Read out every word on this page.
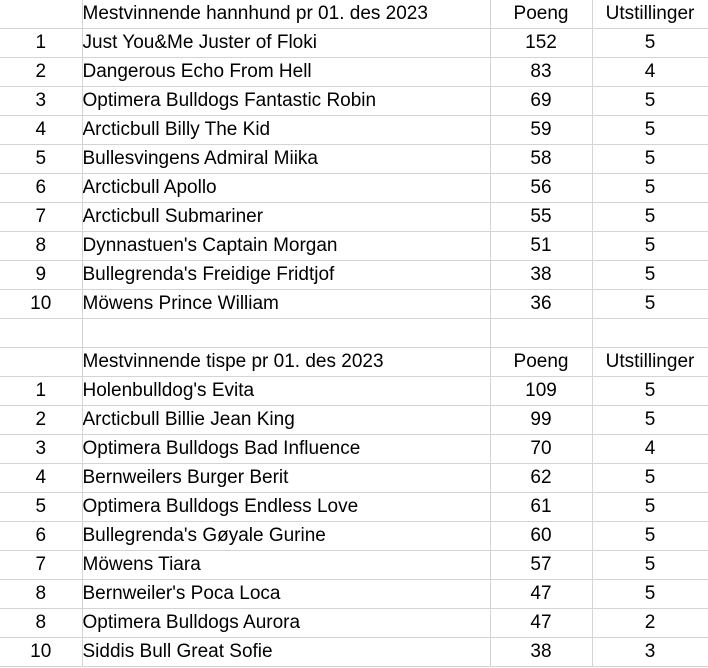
	Mestvinnende hannhund pr 01. des 2023	Poeng	Utstillinger
1	Just You&Me Juster of Floki	152	5
2	Dangerous Echo From Hell	83	4
3	Optimera Bulldogs Fantastic Robin	69	5
4	Arcticbull Billy The Kid	59	5
5	Bullesvingens Admiral Miika	58	5
6	Arcticbull Apollo	56	5
7	Arcticbull Submariner	55	5
8	Dynnastuen's Captain Morgan	51	5
9	Bullegrenda's Freidige Fridtjof	38	5
10	Möwens Prince William	36	5

	Mestvinnende tispe pr 01. des 2023	Poeng	Utstillinger
1	Holenbulldog's Evita	109	5
2	Arcticbull Billie Jean King	99	5
3	Optimera Bulldogs Bad Influence	70	4
4	Bernweilers Burger Berit	62	5
5	Optimera Bulldogs Endless Love	61	5
6	Bullegrenda's Gøyale Gurine	60	5
7	Möwens Tiara	57	5
8	Bernweiler's Poca Loca	47	5
8	Optimera Bulldogs Aurora	47	2
10	Siddis Bull Great Sofie	38	3
